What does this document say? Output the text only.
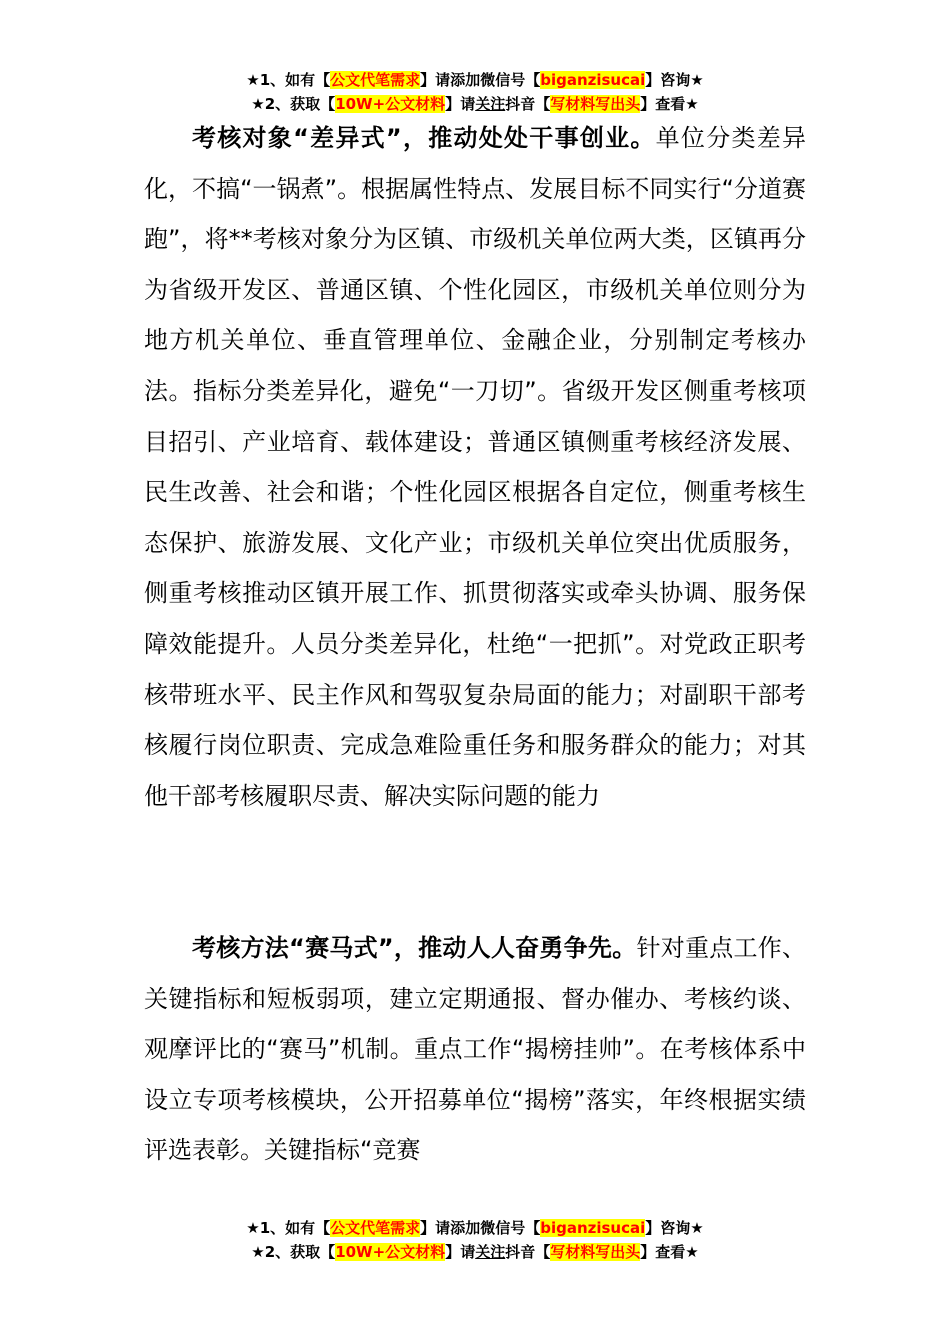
★1、如有【公文代笔需求】请添加微信号【biganzisucai】咨询★
★2、获取【10W+公文材料】请关注抖音【写材料写出头】查看★

考核对象“差异式”，推动处处干事创业。单位分类差异化，不搞“一锅煮”。根据属性特点、发展目标不同实行“分道赛跑”，将**考核对象分为区镇、市级机关单位两大类，区镇再分为省级开发区、普通区镇、个性化园区，市级机关单位则分为地方机关单位、垂直管理单位、金融企业，分别制定考核办法。指标分类差异化，避免“一刀切”。省级开发区侧重考核项目招引、产业培育、载体建设；普通区镇侧重考核经济发展、民生改善、社会和谐；个性化园区根据各自定位，侧重考核生态保护、旅游发展、文化产业；市级机关单位突出优质服务，侧重考核推动区镇开展工作、抓贯彻落实或牵头协调、服务保障效能提升。人员分类差异化，杜绝“一把抓”。对党政正职考核带班水平、民主作风和驾驭复杂局面的能力；对副职干部考核履行岗位职责、完成急难险重任务和服务群众的能力；对其他干部考核履职尽责、解决实际问题的能力

考核方法“赛马式”，推动人人奋勇争先。针对重点工作、关键指标和短板弱项，建立定期通报、督办催办、考核约谈、观摩评比的“赛马”机制。重点工作“揭榜挂帅”。在考核体系中设立专项考核模块，公开招募单位“揭榜”落实，年终根据实绩评选表彰。关键指标“竞赛

★1、如有【公文代笔需求】请添加微信号【biganzisucai】咨询★
★2、获取【10W+公文材料】请关注抖音【写材料写出头】查看★
